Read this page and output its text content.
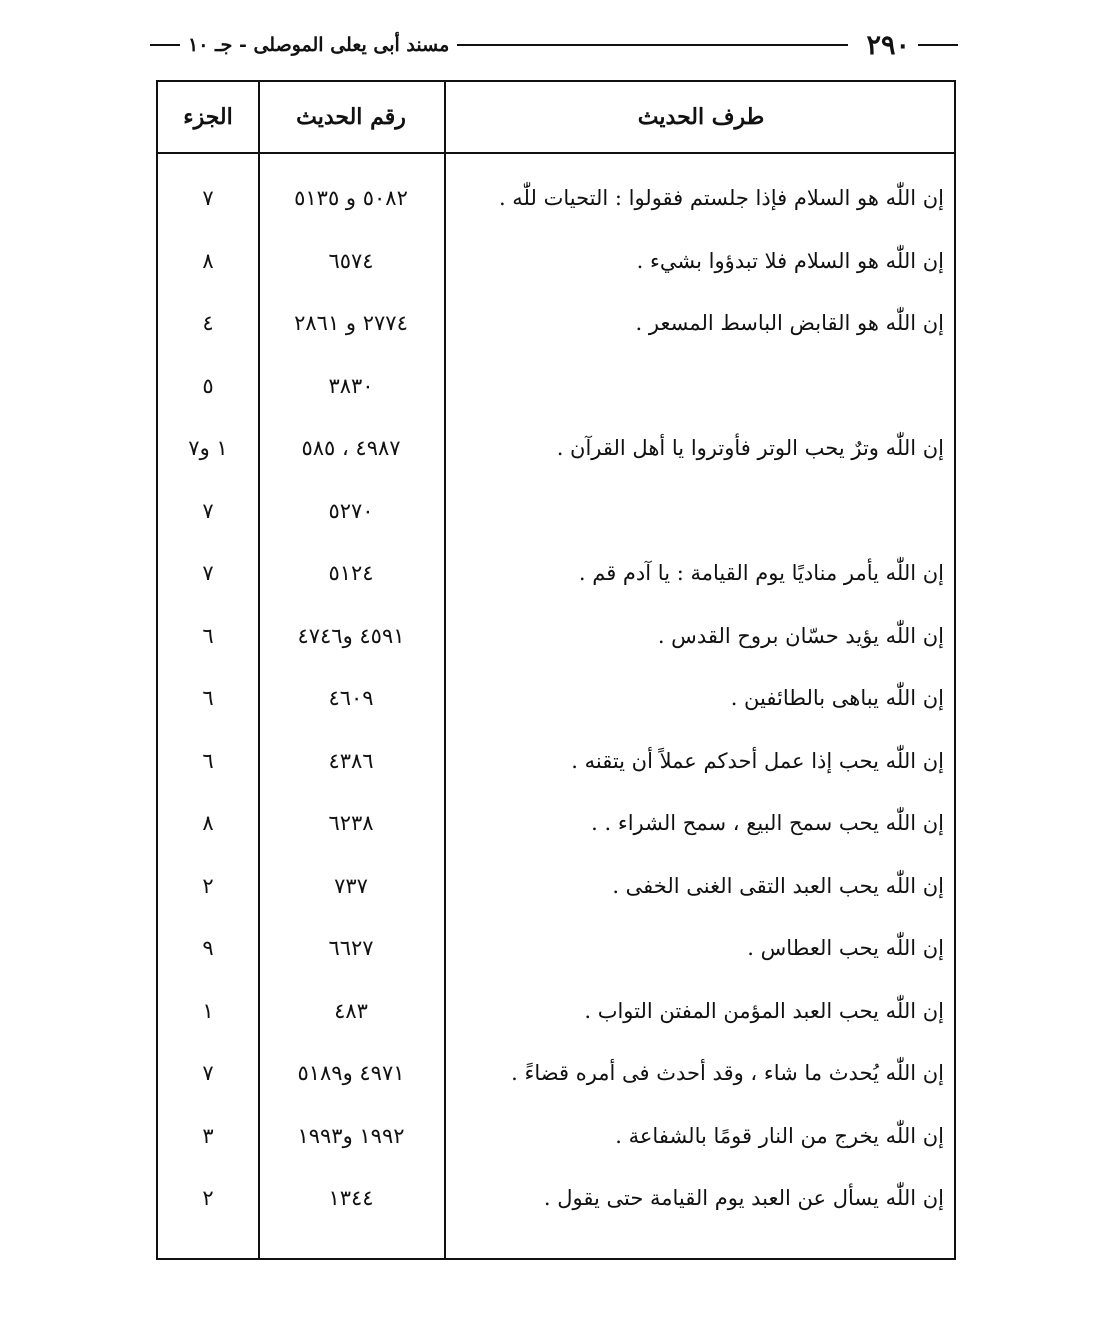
٢٩٠
مسند أبى يعلى الموصلى - جـ ١٠
طرف الحديث
رقم الحديث
الجزء
إن اللّٰه هو السلام فإذا جلستم فقولوا : التحيات للّٰه .
٥٠٨٢ و ٥١٣٥
٧
إن اللّٰه هو السلام فلا تبدؤوا بشيء .
٦٥٧٤
٨
إن اللّٰه هو القابض الباسط المسعر .
٢٧٧٤ و ٢٨٦١
٤
٣٨٣٠
٥
إن اللّٰه وترٌ يحب الوتر فأوتروا يا أهل القرآن .
٤٩٨٧ ، ٥٨٥
١ و٧
٥٢٧٠
٧
إن اللّٰه يأمر مناديًا يوم القيامة : يا آدم قم .
٥١٢٤
٧
إن اللّٰه يؤيد حسّان بروح القدس .
٤٥٩١ و٤٧٤٦
٦
إن اللّٰه يباهى بالطائفين .
٤٦٠٩
٦
إن اللّٰه يحب إذا عمل أحدكم عملاً أن يتقنه .
٤٣٨٦
٦
إن اللّٰه يحب سمح البيع ، سمح الشراء . .
٦٢٣٨
٨
إن اللّٰه يحب العبد التقى الغنى الخفى .
٧٣٧
٢
إن اللّٰه يحب العطاس .
٦٦٢٧
٩
إن اللّٰه يحب العبد المؤمن المفتن التواب .
٤٨٣
١
إن اللّٰه يُحدث ما شاء ، وقد أحدث فى أمره قضاءً .
٤٩٧١ و٥١٨٩
٧
إن اللّٰه يخرج من النار قومًا بالشفاعة .
١٩٩٢ و١٩٩٣
٣
إن اللّٰه يسأل عن العبد يوم القيامة حتى يقول .
١٣٤٤
٢
